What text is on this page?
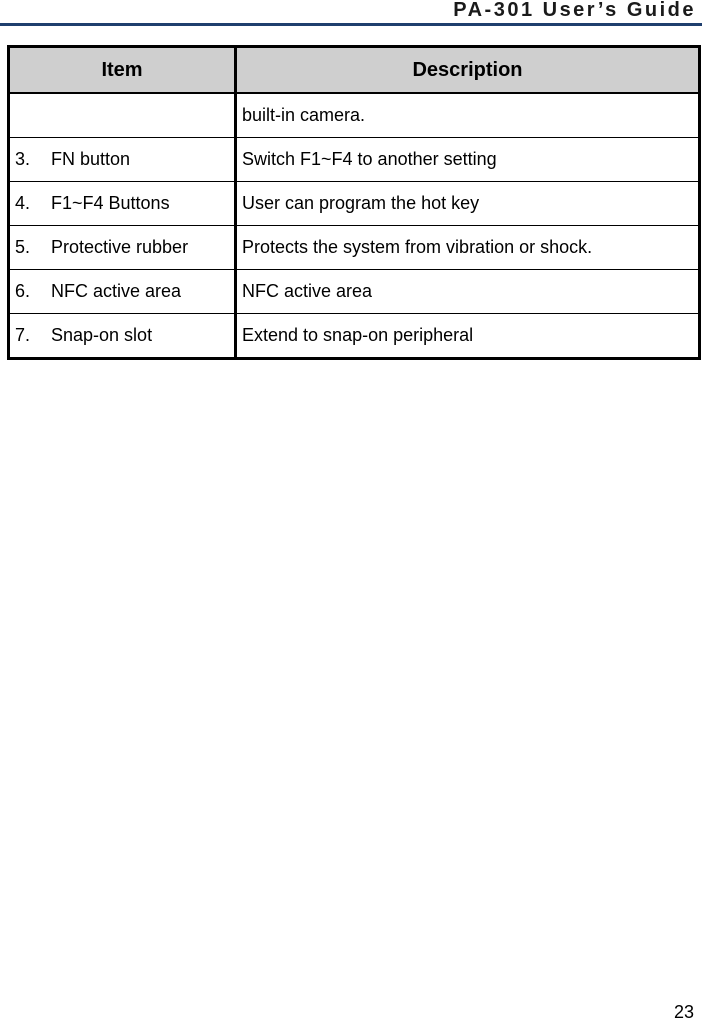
PA-301 User’s Guide
Item	Description
	built-in camera.
3. FN button	Switch F1~F4 to another setting
4. F1~F4 Buttons	User can program the hot key
5. Protective rubber	Protects the system from vibration or shock.
6. NFC active area	NFC active area
7. Snap-on slot	Extend to snap-on peripheral
23
